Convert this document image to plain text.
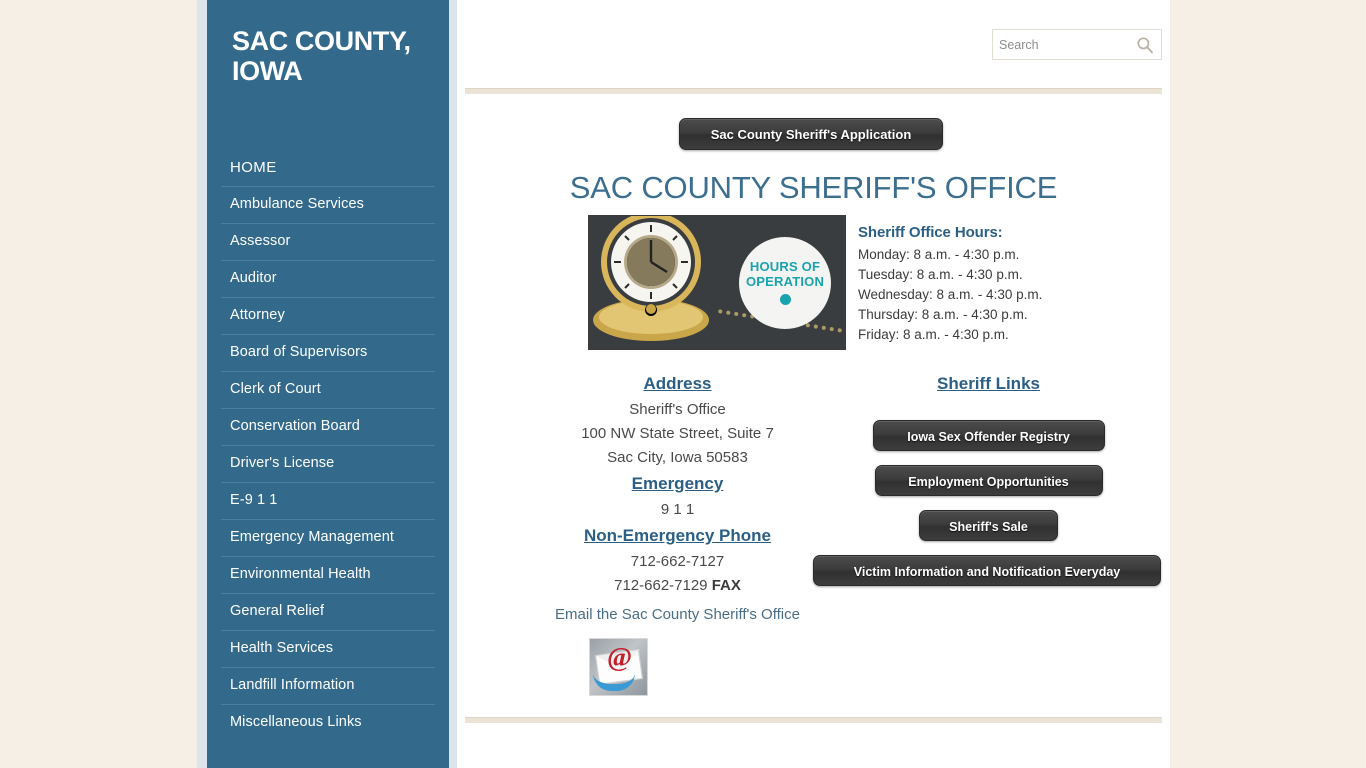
SAC COUNTY, IOWA
HOME
Ambulance Services
Assessor
Auditor
Attorney
Board of Supervisors
Clerk of Court
Conservation Board
Driver's License
E-9 1 1
Emergency Management
Environmental Health
General Relief
Health Services
Landfill Information
Miscellaneous Links
Search
Sac County Sheriff's Application
SAC COUNTY SHERIFF'S OFFICE
HOURS OF
OPERATION
Sheriff Office Hours:
Monday: 8 a.m. - 4:30 p.m.
Tuesday: 8 a.m. - 4:30 p.m.
Wednesday: 8 a.m. - 4:30 p.m.
Thursday: 8 a.m. - 4:30 p.m.
Friday: 8 a.m. - 4:30 p.m.
Address
Sheriff's Office
100 NW State Street, Suite 7
Sac City, Iowa 50583
Emergency
9 1 1
Non-Emergency Phone
712-662-7127
712-662-7129 FAX
Email the Sac County Sheriff's Office
@
Sheriff Links
Iowa Sex Offender Registry
Employment Opportunities
Sheriff's Sale
Victim Information and Notification Everyday
